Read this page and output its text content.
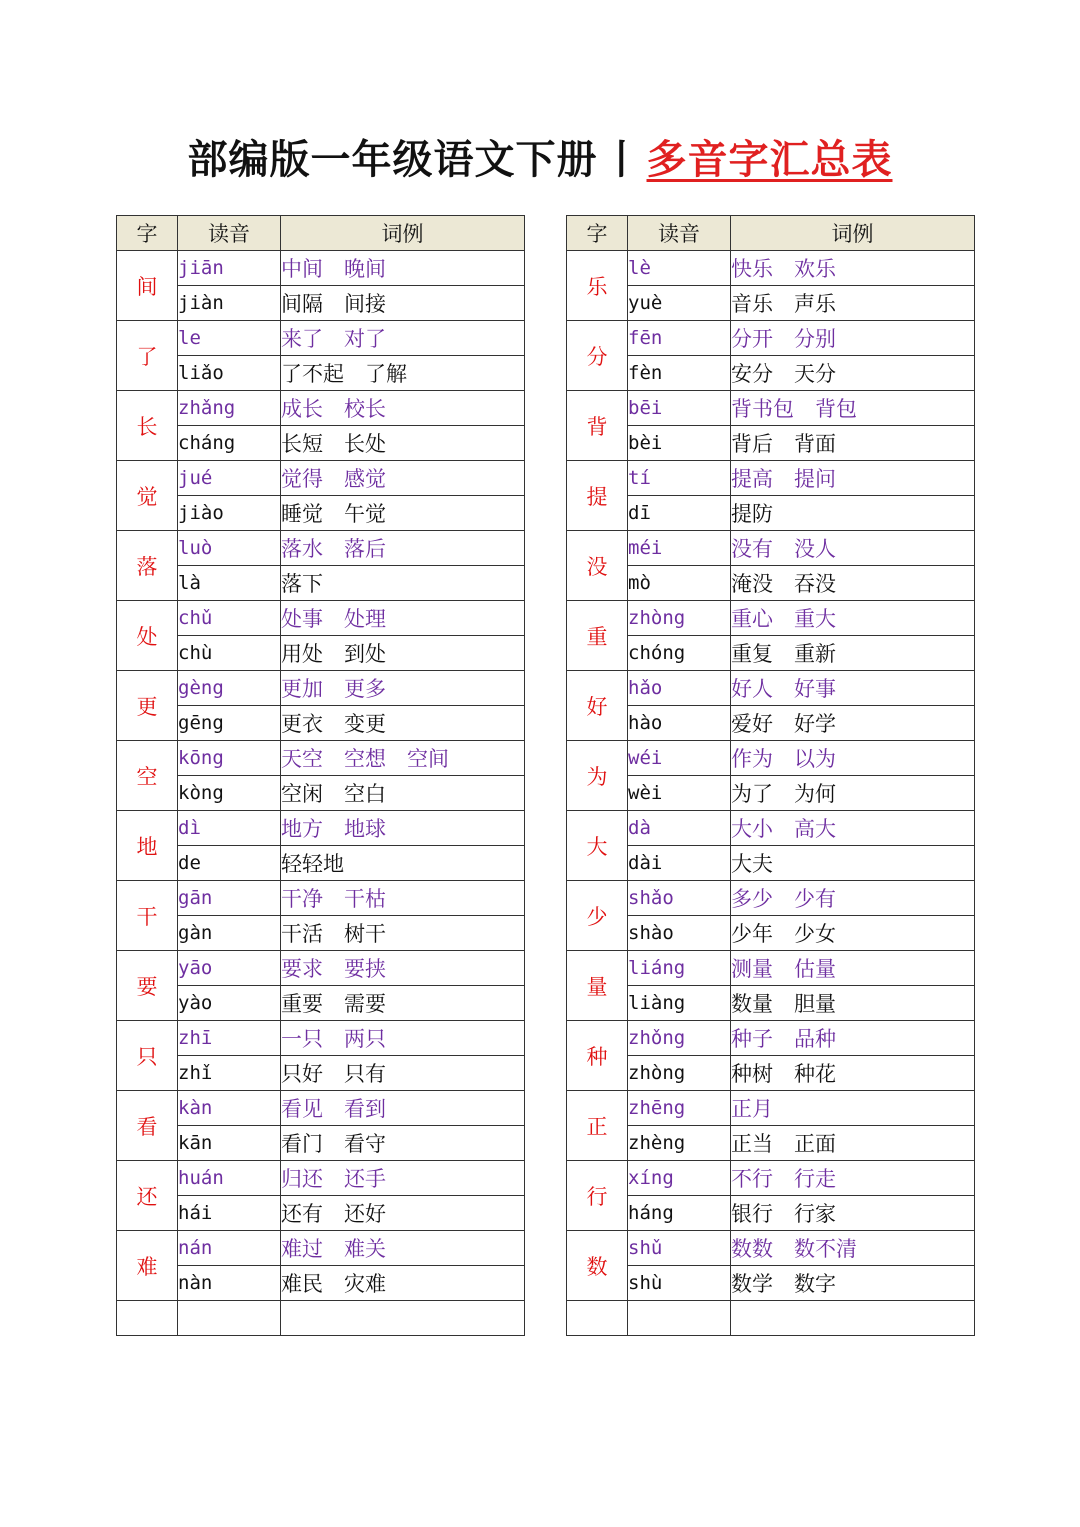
部编版一年级语文下册 丨 多音字汇总表
字	读音	词例
间	jiān	中间　晚间
	jiàn	间隔　间接
了	le	来了　对了
	liǎo	了不起　了解
长	zhǎng	成长　校长
	cháng	长短　长处
觉	jué	觉得　感觉
	jiào	睡觉　午觉
落	luò	落水　落后
	là	落下
处	chǔ	处事　处理
	chù	用处　到处
更	gèng	更加　更多
	gēng	更衣　变更
空	kōng	天空　空想　空间
	kòng	空闲　空白
地	dì	地方　地球
	de	轻轻地
干	gān	干净　干枯
	gàn	干活　树干
要	yāo	要求　要挟
	yào	重要　需要
只	zhī	一只　两只
	zhǐ	只好　只有
看	kàn	看见　看到
	kān	看门　看守
还	huán	归还　还手
	hái	还有　还好
难	nán	难过　难关
	nàn	难民　灾难

字	读音	词例
乐	lè	快乐　欢乐
	yuè	音乐　声乐
分	fēn	分开　分别
	fèn	安分　天分
背	bēi	背书包　背包
	bèi	背后　背面
提	tí	提高　提问
	dī	提防
没	méi	没有　没人
	mò	淹没　吞没
重	zhòng	重心　重大
	chóng	重复　重新
好	hǎo	好人　好事
	hào	爱好　好学
为	wéi	作为　以为
	wèi	为了　为何
大	dà	大小　高大
	dài	大夫
少	shǎo	多少　少有
	shào	少年　少女
量	liáng	测量　估量
	liàng	数量　胆量
种	zhǒng	种子　品种
	zhòng	种树　种花
正	zhēng	正月
	zhèng	正当　正面
行	xíng	不行　行走
	háng	银行　行家
数	shǔ	数数　数不清
	shù	数学　数字
